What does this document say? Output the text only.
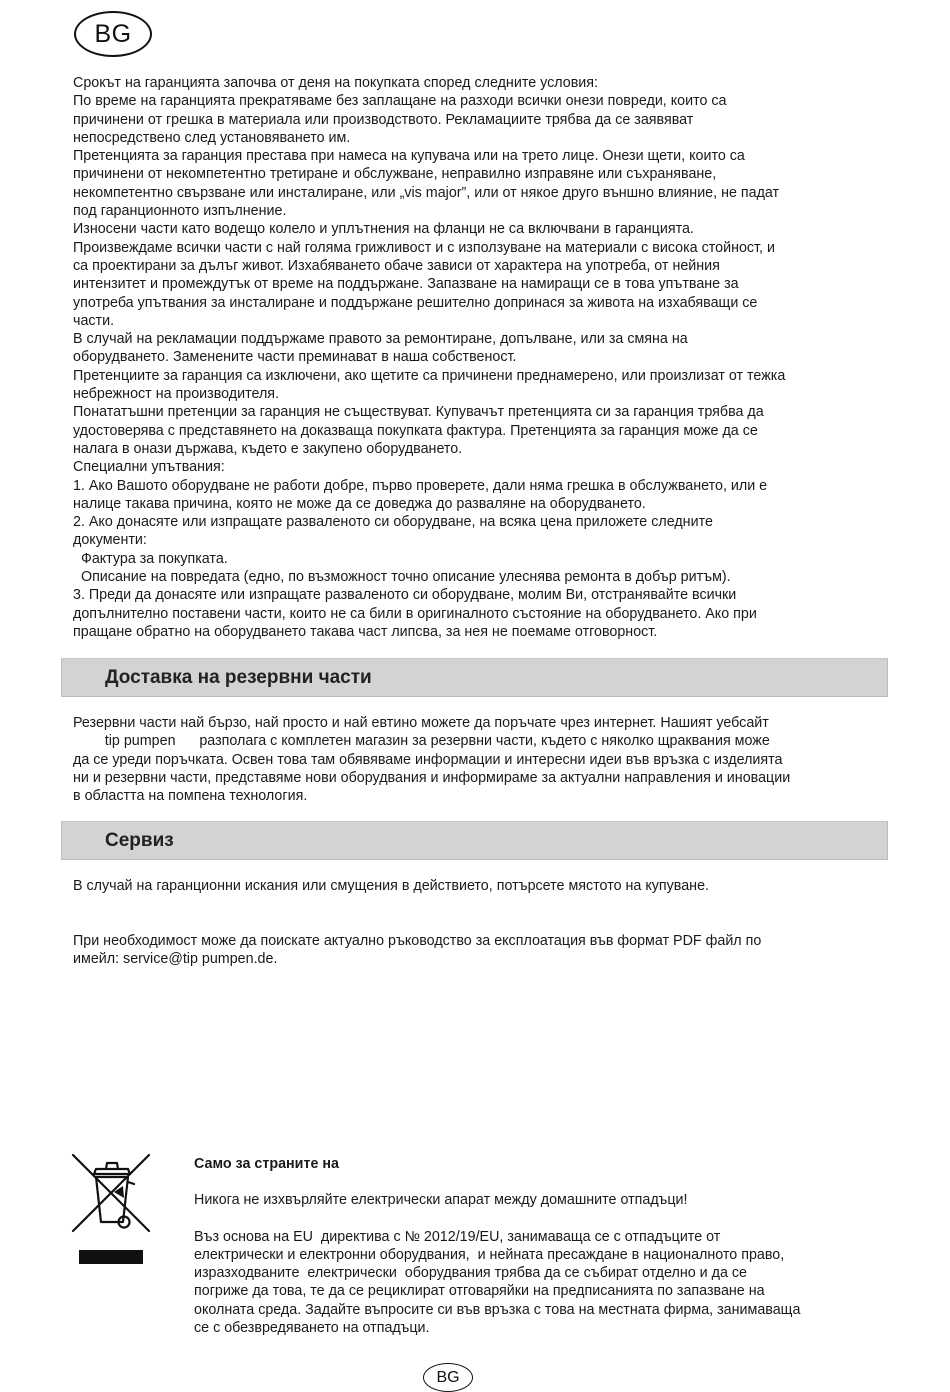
BG
Срокът на гаранцията започва от деня на покупката според следните условия:
По време на гаранцията прекратяваме без заплащане на разходи всички онези повреди, които са
причинени от грешка в материала или производството. Рекламациите трябва да се заявяват
непосредствено след установяването им.
Претенцията за гаранция престава при намеса на купувача или на трето лице. Онези щети, които са
причинени от некомпетентно третиране и обслужване, неправилно изправяне или съхраняване,
некомпетентно свързване или инсталиране, или „vis major”, или от някое друго външно влияние, не падат
под гаранционното изпълнение.
Износени части като водещо колело и уплътнения на фланци не са включвани в гаранцията.
Произвеждаме всички части с най голяма грижливост и с използуване на материали с висока стойност, и
са проектирани за дълъг живот. Изхабяването обаче зависи от характера на употреба, от нейния
интензитет и промеждутък от време на поддържане. Запазване на намиращи се в това упътване за
употреба упътвания за инсталиране и поддържане решително допринася за живота на изхабяващи се
части.
В случай на рекламации поддържаме правото за ремонтиране, допълване, или за смяна на
оборудването. Заменените части преминават в наша собственост.
Претенциите за гаранция са изключени, ако щетите са причинени преднамерено, или произлизат от тежка
небрежност на производителя.
Понататъшни претенции за гаранция не съществуват. Купувачът претенцията си за гаранция трябва да
удостоверява с представянето на доказваща покупката фактура. Претенцията за гаранция може да се
налага в онази държава, където е закупено оборудването.
Специални упътвания:
1. Ако Вашото оборудване не работи добре, първо проверете, дали няма грешка в обслужването, или е
налице такава причина, която не може да се доведжа до разваляне на оборудването.
2. Ако донасяте или изпращате развaленото си оборудване, на всяка цена приложете следните
документи:
Фактура за покупката.
Описание на повредата (едно, по възможност точно описание улеснява ремонта в добър ритъм).
3. Преди да донасяте или изпращате развaленото си оборудване, молим Ви, отстранявайте всички
допълнително поставени части, които не са били в оригиналното състояние на оборудването. Ако при
пращане обратно на оборудването такава част липсва, за нея не поемаме отговорност.
Доставка на резервни части
Резервни части най бързо, най просто и най евтино можете да поръчате чрез интернет. Нашият уебсайт
tip pumpen      разполага с комплетен магазин за резервни части, където с няколко щраквания може
да се уреди поръчката. Освен това там обявяваме информации и интересни идеи във връзка с изделията
ни и резервни части, представяме нови оборудвания и информираме за актуални направления и иновации
в областта на помпена технология.
Сервиз
В случай на гаранционни искания или смущения в действието, потърсете мястото на купуване.
При необходимост може да поискате актуално ръководство за експлоатация във формат PDF файл по
имейл: service@tip pumpen.de.
Само за страните на
Никога не изхвърляйте електрически апарат между домашните отпадъци!
Въз основа на EU  директива с № 2012/19/EU, занимаваща се с отпадъците от
електрически и електронни оборудвания,  и нейната пресаждане в националното право,
изразходваните  електрически  оборудвания трябва да се събират отделно и да се
погрижe да това, те да се рециклират отговаряйки на предписанията по запазване на
околната среда. Задайте въпросите си във връзка с това на местната фирма, занимаваща
се с обезвредяването на отпадъци.
BG
